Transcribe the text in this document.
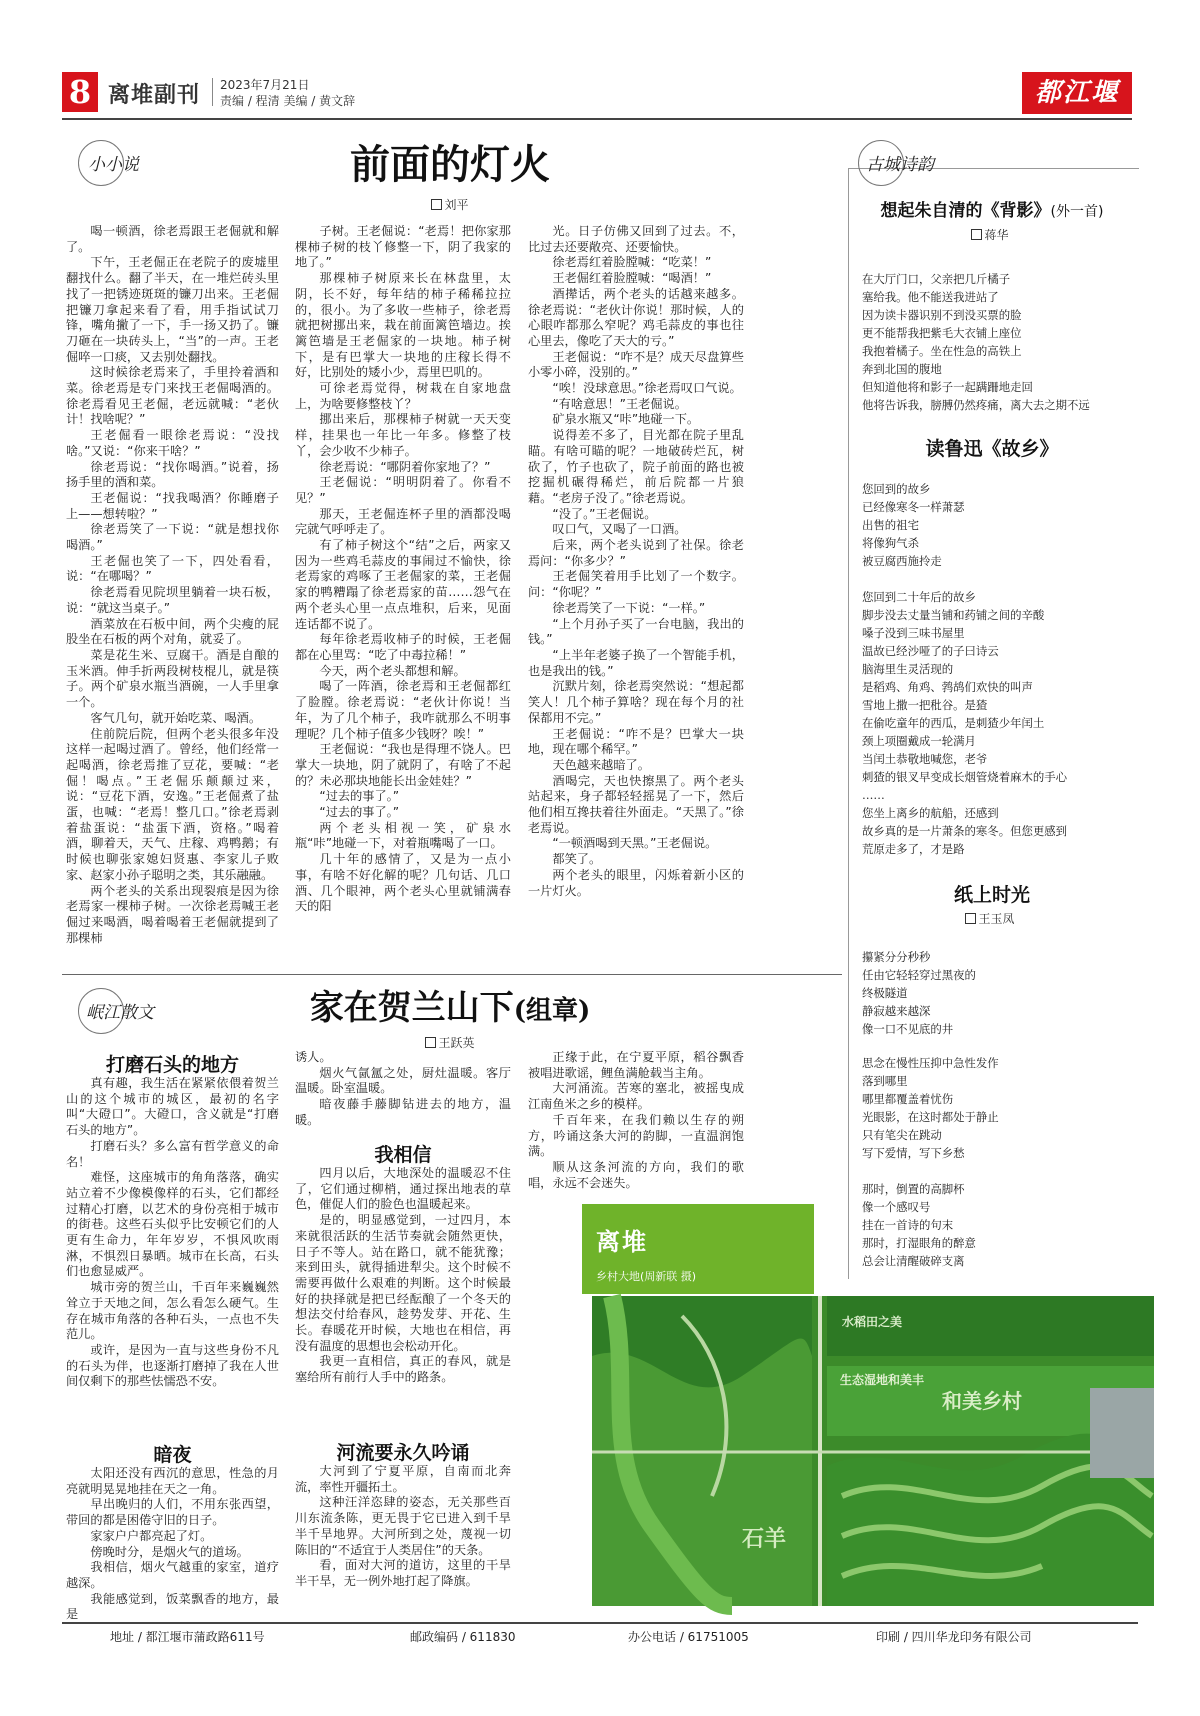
8 离堆副刊 2023年7月21日
责编 / 程清 美编 / 黄文辞	都江堰报
小小说	前面的灯火
刘平

喝一顿酒，徐老焉跟王老倔就和解了。

下午，王老倔正在老院子的废墟里翻找什么。翻了半天，在一堆烂砖头里找了一把锈迹斑斑的镰刀出来。王老倔把镰刀拿起来看了看，用手指试试刀锋，嘴角撇了一下，手一扬又扔了。镰刀砸在一块砖头上，“当”的一声。王老倔啐一口痰，又去别处翻找。

这时候徐老焉来了，手里拎着酒和菜。徐老焉是专门来找王老倔喝酒的。徐老焉看见王老倔，老远就喊：“老伙计！找啥呢？”

王老倔看一眼徐老焉说：“没找啥。”又说：“你来干啥？”

徐老焉说：“找你喝酒。”说着，扬扬手里的酒和菜。

王老倔说：“找我喝酒？你睡磨子上——想转啦？”

徐老焉笑了一下说：“就是想找你喝酒。”

王老倔也笑了一下，四处看看，说：“在哪喝？”

徐老焉看见院坝里躺着一块石板，说：“就这当桌子。”

酒菜放在石板中间，两个尖瘦的屁股坐在石板的两个对角，就妥了。

菜是花生米、豆腐干。酒是自酿的玉米酒。伸手折两段树枝棍儿，就是筷子。两个矿泉水瓶当酒碗，一人手里拿一个。

客气几句，就开始吃菜、喝酒。

住前院后院，但两个老头很多年没这样一起喝过酒了。曾经，他们经常一起喝酒，徐老焉推了豆花，要喊：“老倔！喝点。”王老倔乐颠颠过来，说：“豆花下酒，安逸。”王老倔煮了盐蛋，也喊：“老焉！整几口。”徐老焉剥着盐蛋说：“盐蛋下酒，资格。”喝着酒，聊着天，天气、庄稼、鸡鸭鹅；有时候也聊张家媳妇贤惠、李家儿子败家、赵家小孙子聪明之类，其乐融融。

两个老头的关系出现裂痕是因为徐老焉家一棵柿子树。一次徐老焉喊王老倔过来喝酒，喝着喝着王老倔就提到了那棵柿

子树。王老倔说：“老焉！把你家那棵柿子树的枝丫修整一下，阴了我家的地了。”

那棵柿子树原来长在林盘里，太阴，长不好，每年结的柿子稀稀拉拉的，很小。为了多收一些柿子，徐老焉就把树挪出来，栽在前面篱笆墙边。挨篱笆墙是王老倔家的一块地。柿子树下，是有巴掌大一块地的庄稼长得不好，比别处的矮小少，焉里巴叽的。

可徐老焉觉得，树栽在自家地盘上，为啥要修整枝丫？

挪出来后，那棵柿子树就一天天变样，挂果也一年比一年多。修整了枝丫，会少收不少柿子。

徐老焉说：“哪阴着你家地了？”

王老倔说：“明明阴着了。你看不见？”

那天，王老倔连杯子里的酒都没喝完就气呼呼走了。

有了柿子树这个“结”之后，两家又因为一些鸡毛蒜皮的事闹过不愉快，徐老焉家的鸡啄了王老倔家的菜，王老倔家的鸭糟蹋了徐老焉家的苗……怨气在两个老头心里一点点堆积，后来，见面连话都不说了。

每年徐老焉收柿子的时候，王老倔都在心里骂：“吃了中毒拉稀！”

今天，两个老头都想和解。

喝了一阵酒，徐老焉和王老倔都红了脸膛。徐老焉说：“老伙计你说！当年，为了几个柿子，我咋就那么不明事理呢？几个柿子值多少钱呀？唉！”

王老倔说：“我也是得理不饶人。巴掌大一块地，阴了就阴了，有啥了不起的？未必那块地能长出金娃娃？”

“过去的事了。”

“过去的事了。”

两个老头相视一笑，矿泉水瓶“咔”地碰一下，对着瓶嘴喝了一口。

几十年的感情了，又是为一点小事，有啥不好化解的呢？几句话、几口酒、几个眼神，两个老头心里就铺满春天的阳

光。日子仿佛又回到了过去。不，比过去还要敞亮、还要愉快。

徐老焉红着脸膛喊：“吃菜！”

王老倔红着脸膛喊：“喝酒！”

酒撵话，两个老头的话越来越多。徐老焉说：“老伙计你说！那时候，人的心眼咋都那么窄呢？鸡毛蒜皮的事也往心里去，像吃了天大的亏。”

王老倔说：“咋不是？成天尽盘算些小零小碎，没别的。”

“唉！没球意思。”徐老焉叹口气说。

“有啥意思！”王老倔说。

矿泉水瓶又“咔”地碰一下。

说得差不多了，目光都在院子里乱瞄。有啥可瞄的呢？一地破砖烂瓦，树砍了，竹子也砍了，院子前面的路也被挖掘机碾得稀烂，前后院都一片狼藉。“老房子没了。”徐老焉说。

“没了。”王老倔说。

叹口气，又喝了一口酒。

后来，两个老头说到了社保。徐老焉问：“你多少？”

王老倔笑着用手比划了一个数字。问：“你呢？”

徐老焉笑了一下说：“一样。”

“上个月孙子买了一台电脑，我出的钱。”

“上半年老婆子换了一个智能手机，也是我出的钱。”

沉默片刻，徐老焉突然说：“想起都笑人！几个柿子算啥？现在每个月的社保都用不完。”

王老倔说：“咋不是？巴掌大一块地，现在哪个稀罕。”

天色越来越暗了。

酒喝完，天也快擦黑了。两个老头站起来，身子都轻轻摇晃了一下，然后他们相互搀扶着往外面走。“天黑了。”徐老焉说。

“一顿酒喝到天黑。”王老倔说。

都笑了。

两个老头的眼里，闪烁着新小区的一片灯火。

古城诗韵
想起朱自清的《背影》(外一首)
蒋华
在大厅门口，父亲把几斤橘子
塞给我。他不能送我进站了
因为读卡器识别不到没买票的脸
更不能帮我把紫毛大衣铺上座位
我抱着橘子。坐在性急的高铁上
奔到北国的腹地
但知道他将和影子一起蹒跚地走回
他将告诉我，膀膊仍然疼痛，离大去之期不远
读鲁迅《故乡》
您回到的故乡
已经像寒冬一样萧瑟
出售的祖宅
将像狗气杀
被豆腐西施拎走
您回到二十年后的故乡
脚步没去丈量当铺和药铺之间的辛酸
嗓子没到三味书屋里
温故已经沙哑了的子曰诗云
脑海里生灵活现的
是稻鸡、角鸡、鹁鸪们欢快的叫声
雪地上撒一把秕谷。是猹
在偷吃童年的西瓜，是刺猹少年闰土
颈上项圈戴成一轮满月
当闰土恭敬地喊您，老爷
刺猹的银叉早变成长烟管烧着麻木的手心
……
您坐上离乡的航船，还感到
故乡真的是一片萧条的寒冬。但您更感到
荒原走多了，才是路
纸上时光
王玉凤
攥紧分分秒秒
任由它轻轻穿过黑夜的
终极隧道
静寂越来越深
像一口不见底的井
思念在慢性压抑中急性发作
落到哪里
哪里都覆盖着忧伤
光眼影，在这时都处于静止
只有笔尖在跳动
写下爱情，写下乡愁
那时，倒置的高脚杯
像一个感叹号
挂在一首诗的句末
那时，打湿眼角的醉意
总会让清醒破碎支离
岷江散文	家在贺兰山下(组章)
王跃英
打磨石头的地方

真有趣，我生活在紧紧依偎着贺兰山的这个城市的城区，最初的名字叫“大磴口”。大磴口，含义就是“打磨石头的地方”。

打磨石头？多么富有哲学意义的命名！

难怪，这座城市的角角落落，确实站立着不少像模像样的石头，它们都经过精心打磨，以艺术的身份亮相于城市的街巷。这些石头似乎比安顿它们的人更有生命力，年年岁岁，不惧风吹雨淋，不惧烈日暴晒。城市在长高，石头们也愈显威严。

城市旁的贺兰山，千百年来巍巍然耸立于天地之间，怎么看怎么硬气。生存在城市角落的各种石头，一点也不失范儿。

或许，是因为一直与这些身份不凡的石头为伴，也逐渐打磨掉了我在人世间仅剩下的那些怯懦恐不安。

暗夜

太阳还没有西沉的意思，性急的月亮就明晃晃地挂在天之一角。

早出晚归的人们，不用东张西望，带回的都是困倦守旧的日子。

家家户户都亮起了灯。

傍晚时分，是烟火气的道场。

我相信，烟火气越重的家室，道疗越深。

我能感觉到，饭菜飘香的地方，最是

诱人。

烟火气氤氲之处，厨灶温暖。客厅温暖。卧室温暖。

暗夜藤手藤脚钻进去的地方，温暖。

我相信

四月以后，大地深处的温暖忍不住了，它们通过柳梢，通过探出地表的草色，催促人们的脸色也温暖起来。

是的，明显感觉到，一过四月，本来就很活跃的生活节奏就会随然更快，日子不等人。站在路口，就不能犹豫；来到田头，就得插进犁尖。这个时候不需要再做什么艰难的判断。这个时候最好的抉择就是把已经酝酿了一个冬天的想法交付给春风，趁势发芽、开花、生长。春暖花开时候，大地也在相信，再没有温度的思想也会松动开化。

我更一直相信，真正的春风，就是塞给所有前行人手中的路条。

河流要永久吟诵

大河到了宁夏平原，自南而北奔流，率性开疆拓土。

这种汪洋恣肆的姿态，无关那些百川东流条陈，更无畏于它已进入到千旱半千旱地界。大河所到之处，蔑视一切陈旧的“不适宜于人类居住”的天条。

看，面对大河的道访，这里的干旱半干旱，无一例外地打起了降旗。

正缘于此，在宁夏平原，稻谷飘香被唱进歌谣，鲤鱼满舱载当主角。

大河涌流。苦寒的塞北，被摇曳成江南鱼米之乡的模样。

千百年来，在我们赖以生存的朔方，吟诵这条大河的韵脚，一直温润饱满。

顺从这条河流的方向，我们的歌唱，永远不会迷失。

离堆
乡村大地(周新联 摄)
和美乡村
生态湿地和美丰
水稻田之美
石羊
地址 / 都江堰市蒲政路611号	邮政编码 / 611830	办公电话 / 61751005	印刷 / 四川华龙印务有限公司
